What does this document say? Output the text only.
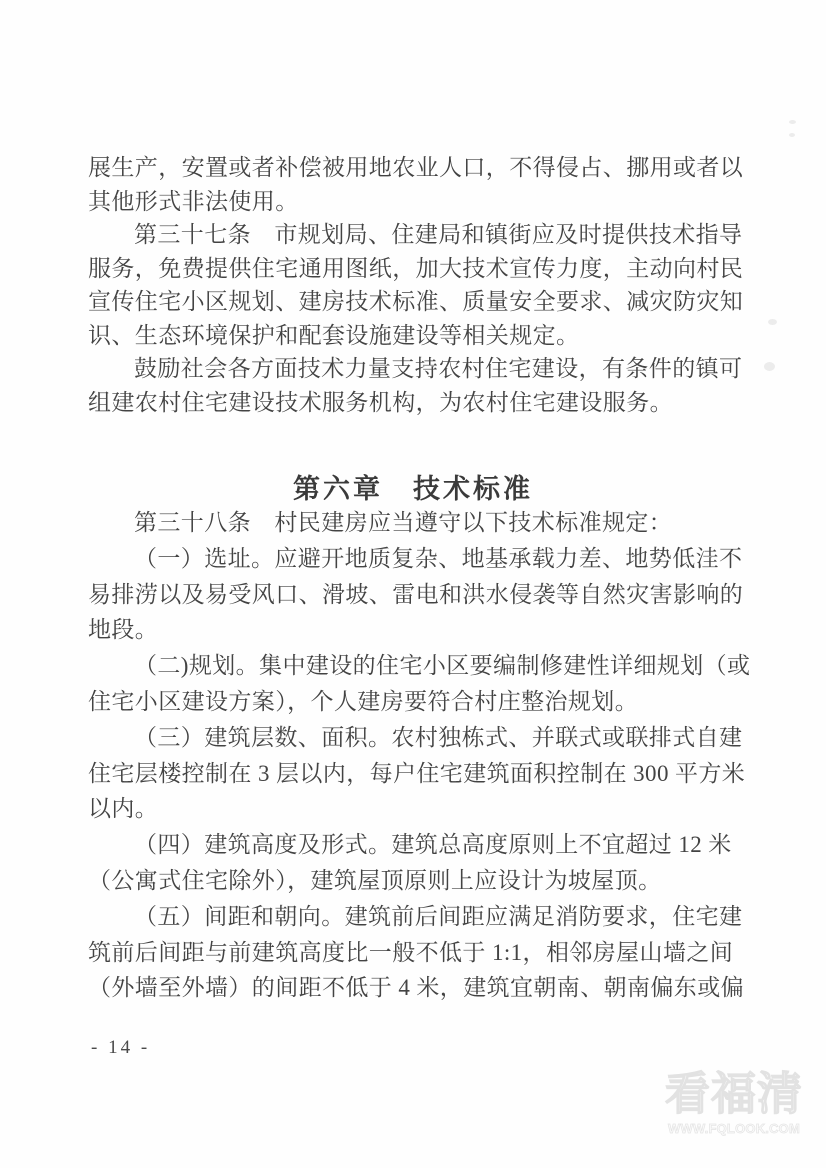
展生产，安置或者补偿被用地农业人口，不得侵占、挪用或者以
其他形式非法使用。
第三十七条　市规划局、住建局和镇街应及时提供技术指导
服务，免费提供住宅通用图纸，加大技术宣传力度，主动向村民
宣传住宅小区规划、建房技术标准、质量安全要求、减灾防灾知
识、生态环境保护和配套设施建设等相关规定。
鼓励社会各方面技术力量支持农村住宅建设，有条件的镇可
组建农村住宅建设技术服务机构，为农村住宅建设服务。
第六章　技术标准
第三十八条　村民建房应当遵守以下技术标准规定：
（一）选址。应避开地质复杂、地基承载力差、地势低洼不
易排涝以及易受风口、滑坡、雷电和洪水侵袭等自然灾害影响的
地段。
（二)规划。集中建设的住宅小区要编制修建性详细规划（或
住宅小区建设方案），个人建房要符合村庄整治规划。
（三）建筑层数、面积。农村独栋式、并联式或联排式自建
住宅层楼控制在 3 层以内，每户住宅建筑面积控制在 300 平方米
以内。
（四）建筑高度及形式。建筑总高度原则上不宜超过 12 米
（公寓式住宅除外），建筑屋顶原则上应设计为坡屋顶。
（五）间距和朝向。建筑前后间距应满足消防要求，住宅建
筑前后间距与前建筑高度比一般不低于 1:1，相邻房屋山墙之间
（外墙至外墙）的间距不低于 4 米，建筑宜朝南、朝南偏东或偏
- 14 -
看福清
WWW.FQLOOK.COM
